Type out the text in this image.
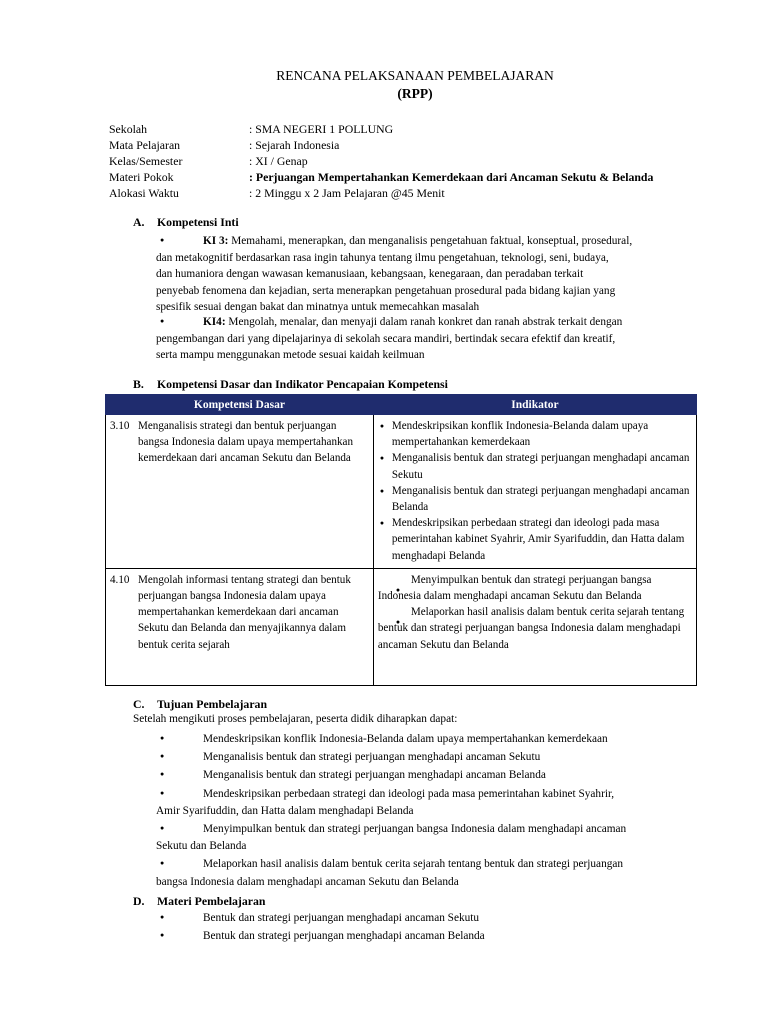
RENCANA PELAKSANAAN PEMBELAJARAN
(RPP)
Sekolah	: SMA NEGERI 1 POLLUNG
Mata Pelajaran	: Sejarah Indonesia
Kelas/Semester	: XI / Genap
Materi Pokok	: Perjuangan Mempertahankan Kemerdekaan dari Ancaman Sekutu & Belanda
Alokasi Waktu	: 2 Minggu x 2 Jam Pelajaran @45 Menit
A. Kompetensi Inti
●KI 3: Memahami, menerapkan, dan menganalisis pengetahuan faktual, konseptual, prosedural,
dan metakognitif berdasarkan rasa ingin tahunya tentang ilmu pengetahuan, teknologi, seni, budaya,
dan humaniora dengan wawasan kemanusiaan, kebangsaan, kenegaraan, dan peradaban terkait
penyebab fenomena dan kejadian, serta menerapkan pengetahuan prosedural pada bidang kajian yang
spesifik sesuai dengan bakat dan minatnya untuk memecahkan masalah
●KI4: Mengolah, menalar, dan menyaji dalam ranah konkret dan ranah abstrak terkait dengan
pengembangan dari yang dipelajarinya di sekolah secara mandiri, bertindak secara efektif dan kreatif,
serta mampu menggunakan metode sesuai kaidah keilmuan
B. Kompetensi Dasar dan Indikator Pencapaian Kompetensi
Kompetensi Dasar	Indikator
3.10 Menganalisis strategi dan bentuk perjuangan bangsa Indonesia dalam upaya mempertahankan kemerdekaan dari ancaman Sekutu dan Belanda	● Mendeskripsikan konflik Indonesia-Belanda dalam upaya mempertahankan kemerdekaan
● Menganalisis bentuk dan strategi perjuangan menghadapi ancaman Sekutu
● Menganalisis bentuk dan strategi perjuangan menghadapi ancaman Belanda
● Mendeskripsikan perbedaan strategi dan ideologi pada masa pemerintahan kabinet Syahrir, Amir Syarifuddin, dan Hatta dalam menghadapi Belanda

4.10 Mengolah informasi tentang strategi dan bentuk perjuangan bangsa Indonesia dalam upaya mempertahankan kemerdekaan dari ancaman Sekutu dan Belanda dan menyajikannya dalam bentuk cerita sejarah	Menyimpulkan bentuk dan strategi perjuangan bangsa Indonesia dalam menghadapi ancaman Sekutu dan Belanda
Melaporkan hasil analisis dalam bentuk cerita sejarah tentang bentuk dan strategi perjuangan bangsa Indonesia dalam menghadapi ancaman Sekutu dan Belanda
C. Tujuan Pembelajaran
Setelah mengikuti proses pembelajaran, peserta didik diharapkan dapat:
●Mendeskripsikan konflik Indonesia-Belanda dalam upaya mempertahankan kemerdekaan
●Menganalisis bentuk dan strategi perjuangan menghadapi ancaman Sekutu
●Menganalisis bentuk dan strategi perjuangan menghadapi ancaman Belanda
●Mendeskripsikan perbedaan strategi dan ideologi pada masa pemerintahan kabinet Syahrir,
Amir Syarifuddin, dan Hatta dalam menghadapi Belanda
●Menyimpulkan bentuk dan strategi perjuangan bangsa Indonesia dalam menghadapi ancaman
Sekutu dan Belanda
●Melaporkan hasil analisis dalam bentuk cerita sejarah tentang bentuk dan strategi perjuangan
bangsa Indonesia dalam menghadapi ancaman Sekutu dan Belanda
D. Materi Pembelajaran
●Bentuk dan strategi perjuangan menghadapi ancaman Sekutu
●Bentuk dan strategi perjuangan menghadapi ancaman Belanda
